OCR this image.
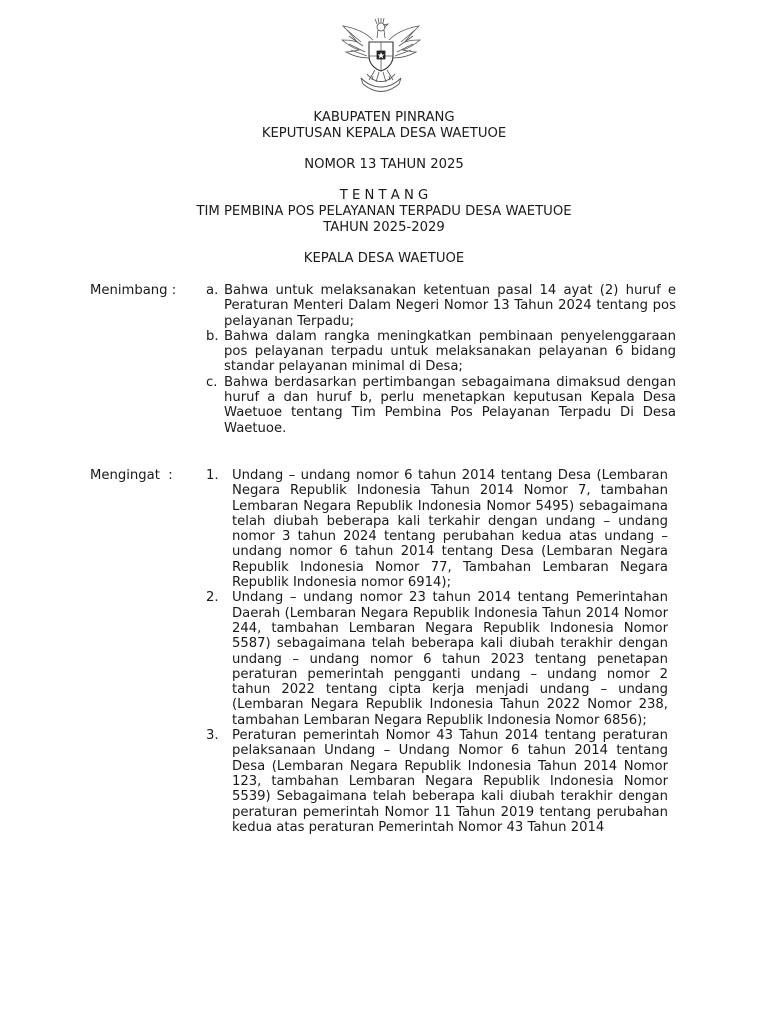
KABUPATEN PINRANG
KEPUTUSAN KEPALA DESA WAETUOE
NOMOR 13 TAHUN 2025
T E N T A N G
TIM PEMBINA POS PELAYANAN TERPADU DESA WAETUOE
TAHUN 2025-2029
KEPALA DESA WAETUOE
Menimbang :	a. Bahwa untuk melaksanakan ketentuan pasal 14 ayat (2) huruf e Peraturan Menteri Dalam Negeri Nomor 13 Tahun 2024 tentang pos pelayanan Terpadu;
b. Bahwa dalam rangka meningkatkan pembinaan penyelenggaraan pos pelayanan terpadu untuk melaksanakan pelayanan 6 bidang standar pelayanan minimal di Desa;
c. Bahwa berdasarkan pertimbangan sebagaimana dimaksud dengan huruf a dan huruf b, perlu menetapkan keputusan Kepala Desa Waetuoe tentang Tim Pembina Pos Pelayanan Terpadu Di Desa Waetuoe.
Mengingat  :	1.	Undang – undang nomor 6 tahun 2014 tentang Desa (Lembaran Negara Republik Indonesia Tahun 2014 Nomor 7, tambahan Lembaran Negara Republik Indonesia Nomor 5495) sebagaimana telah diubah beberapa kali terkahir dengan undang – undang nomor 3 tahun 2024 tentang perubahan kedua atas undang – undang nomor 6 tahun 2014 tentang Desa (Lembaran Negara Republik Indonesia Nomor 77, Tambahan Lembaran Negara Republik Indonesia nomor 6914);
2.	Undang – undang nomor 23 tahun 2014 tentang Pemerintahan Daerah (Lembaran Negara Republik Indonesia Tahun 2014 Nomor 244, tambahan Lembaran Negara Republik Indonesia Nomor 5587) sebagaimana telah beberapa kali diubah terakhir dengan undang – undang nomor 6 tahun 2023 tentang penetapan peraturan pemerintah pengganti undang – undang nomor 2 tahun 2022 tentang cipta kerja menjadi undang – undang (Lembaran Negara Republik Indonesia Tahun 2022 Nomor 238, tambahan Lembaran Negara Republik Indonesia Nomor 6856);
3.	Peraturan pemerintah Nomor 43 Tahun 2014 tentang peraturan pelaksanaan Undang – Undang Nomor 6 tahun 2014 tentang Desa (Lembaran Negara Republik Indonesia Tahun 2014 Nomor 123, tambahan Lembaran Negara Republik Indonesia Nomor 5539) Sebagaimana telah beberapa kali diubah terakhir dengan peraturan pemerintah Nomor 11 Tahun 2019 tentang perubahan kedua atas peraturan Pemerintah Nomor 43 Tahun 2014
